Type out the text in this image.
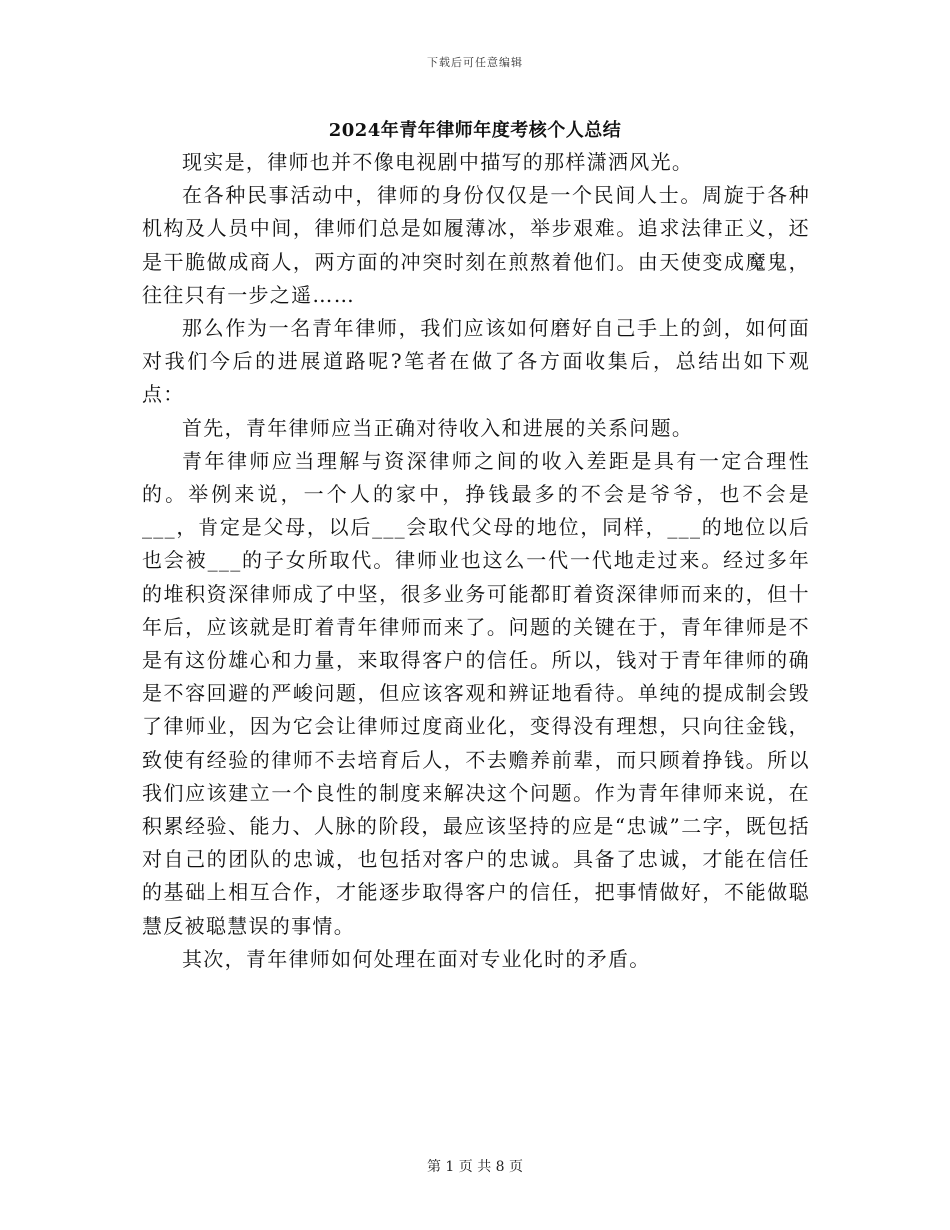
下载后可任意编辑
2024年青年律师年度考核个人总结

现实是，律师也并不像电视剧中描写的那样潇洒风光。

在各种民事活动中，律师的身份仅仅是一个民间人士。周旋于各种机构及人员中间，律师们总是如履薄冰，举步艰难。追求法律正义，还是干脆做成商人，两方面的冲突时刻在煎熬着他们。由天使变成魔鬼，往往只有一步之遥……

那么作为一名青年律师，我们应该如何磨好自己手上的剑，如何面对我们今后的进展道路呢?笔者在做了各方面收集后，总结出如下观点：

首先，青年律师应当正确对待收入和进展的关系问题。

青年律师应当理解与资深律师之间的收入差距是具有一定合理性的。举例来说，一个人的家中，挣钱最多的不会是爷爷，也不会是___，肯定是父母，以后___会取代父母的地位，同样，___的地位以后也会被___的子女所取代。律师业也这么一代一代地走过来。经过多年的堆积资深律师成了中坚，很多业务可能都盯着资深律师而来的，但十年后，应该就是盯着青年律师而来了。问题的关键在于，青年律师是不是有这份雄心和力量，来取得客户的信任。所以，钱对于青年律师的确是不容回避的严峻问题，但应该客观和辨证地看待。单纯的提成制会毁了律师业，因为它会让律师过度商业化，变得没有理想，只向往金钱，致使有经验的律师不去培育后人，不去赡养前辈，而只顾着挣钱。所以我们应该建立一个良性的制度来解决这个问题。作为青年律师来说，在积累经验、能力、人脉的阶段，最应该坚持的应是“忠诚”二字，既包括对自己的团队的忠诚，也包括对客户的忠诚。具备了忠诚，才能在信任的基础上相互合作，才能逐步取得客户的信任，把事情做好，不能做聪慧反被聪慧误的事情。

其次，青年律师如何处理在面对专业化时的矛盾。

第 1 页 共 8 页
